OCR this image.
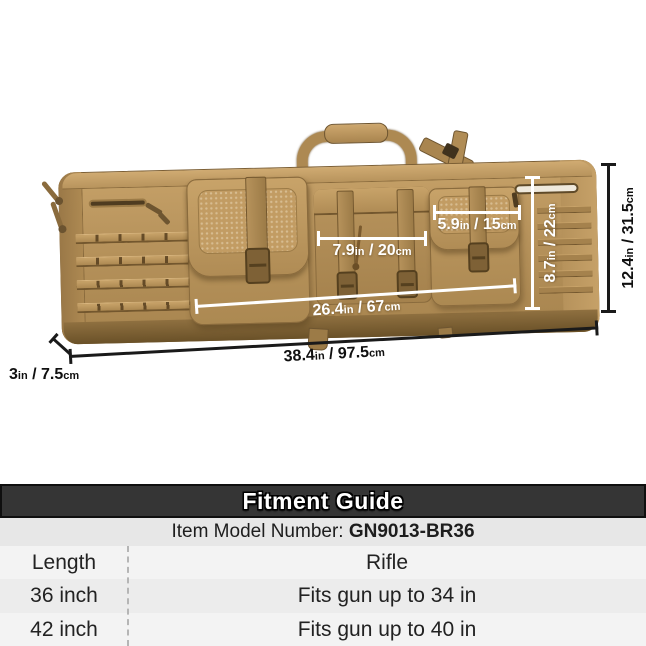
5.9in / 15cm
7.9in / 20cm
26.4in / 67cm
8.7in / 22cm
12.4in / 31.5cm
38.4in / 97.5cm
3in / 7.5cm
Fitment Guide
Item Model Number:
GN9013-BR36
Length	Rifle
36 inch	Fits gun up to 34 in
42 inch	Fits gun up to 40 in
